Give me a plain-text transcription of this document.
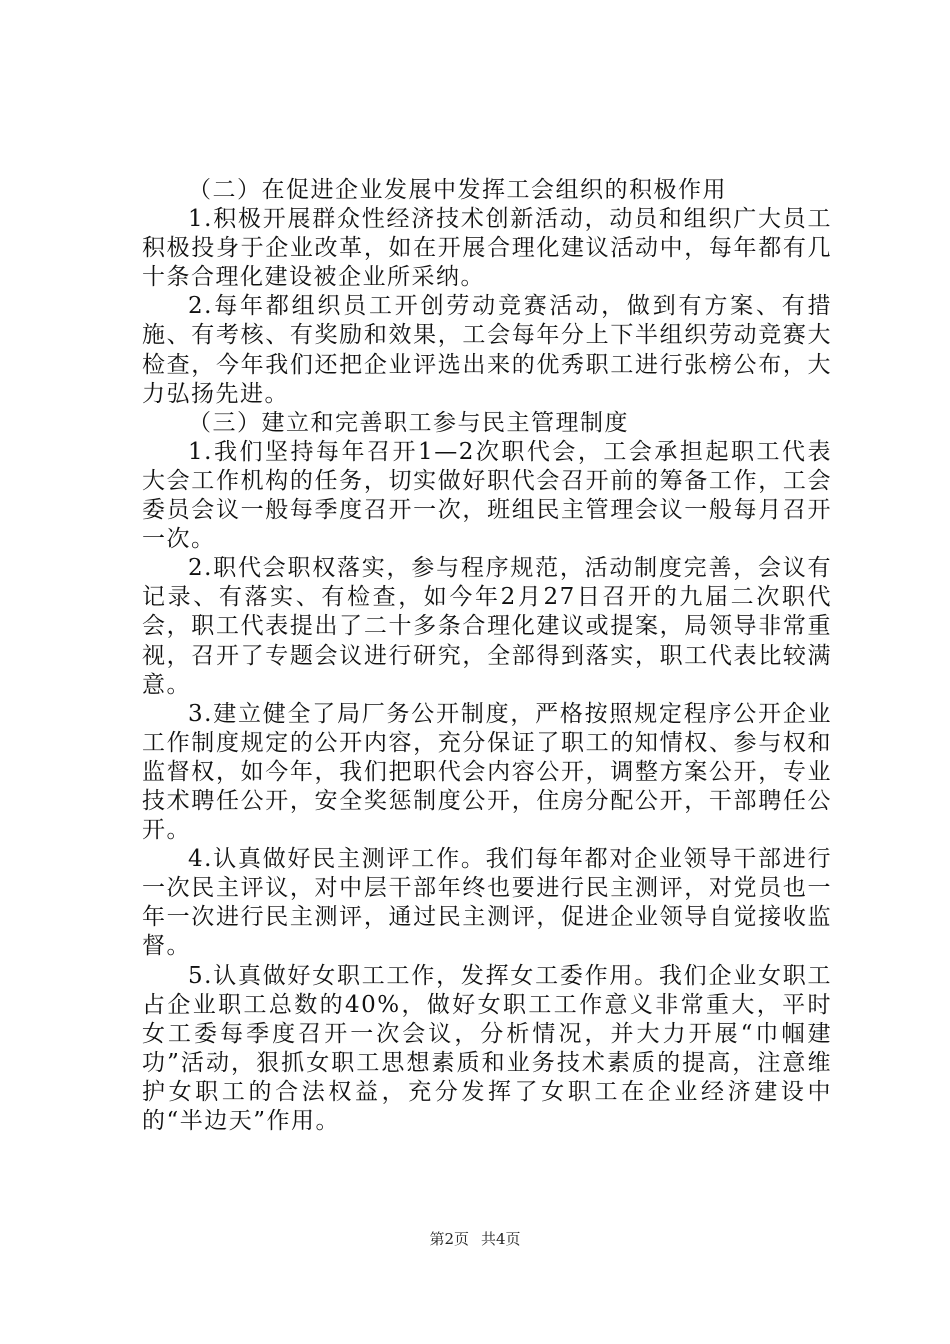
（二）在促进企业发展中发挥工会组织的积极作用

1.积极开展群众性经济技术创新活动，动员和组织广大员工积极投身于企业改革，如在开展合理化建议活动中，每年都有几十条合理化建设被企业所采纳。

2.每年都组织员工开创劳动竞赛活动，做到有方案、有措施、有考核、有奖励和效果，工会每年分上下半组织劳动竞赛大检查，今年我们还把企业评选出来的优秀职工进行张榜公布，大力弘扬先进。

（三）建立和完善职工参与民主管理制度

1.我们坚持每年召开1—2次职代会，工会承担起职工代表大会工作机构的任务，切实做好职代会召开前的筹备工作，工会委员会议一般每季度召开一次，班组民主管理会议一般每月召开一次。

2.职代会职权落实，参与程序规范，活动制度完善，会议有记录、有落实、有检查，如今年2月27日召开的九届二次职代会，职工代表提出了二十多条合理化建议或提案，局领导非常重视，召开了专题会议进行研究，全部得到落实，职工代表比较满意。

3.建立健全了局厂务公开制度，严格按照规定程序公开企业工作制度规定的公开内容，充分保证了职工的知情权、参与权和监督权，如今年，我们把职代会内容公开，调整方案公开，专业技术聘任公开，安全奖惩制度公开，住房分配公开，干部聘任公开。

4.认真做好民主测评工作。我们每年都对企业领导干部进行一次民主评议，对中层干部年终也要进行民主测评，对党员也一年一次进行民主测评，通过民主测评，促进企业领导自觉接收监督。

5.认真做好女职工工作，发挥女工委作用。我们企业女职工占企业职工总数的40%，做好女职工工作意义非常重大，平时女工委每季度召开一次会议，分析情况，并大力开展“巾帼建功”活动，狠抓女职工思想素质和业务技术素质的提高，注意维护女职工的合法权益，充分发挥了女职工在企业经济建设中的“半边天”作用。

第2页 共4页
